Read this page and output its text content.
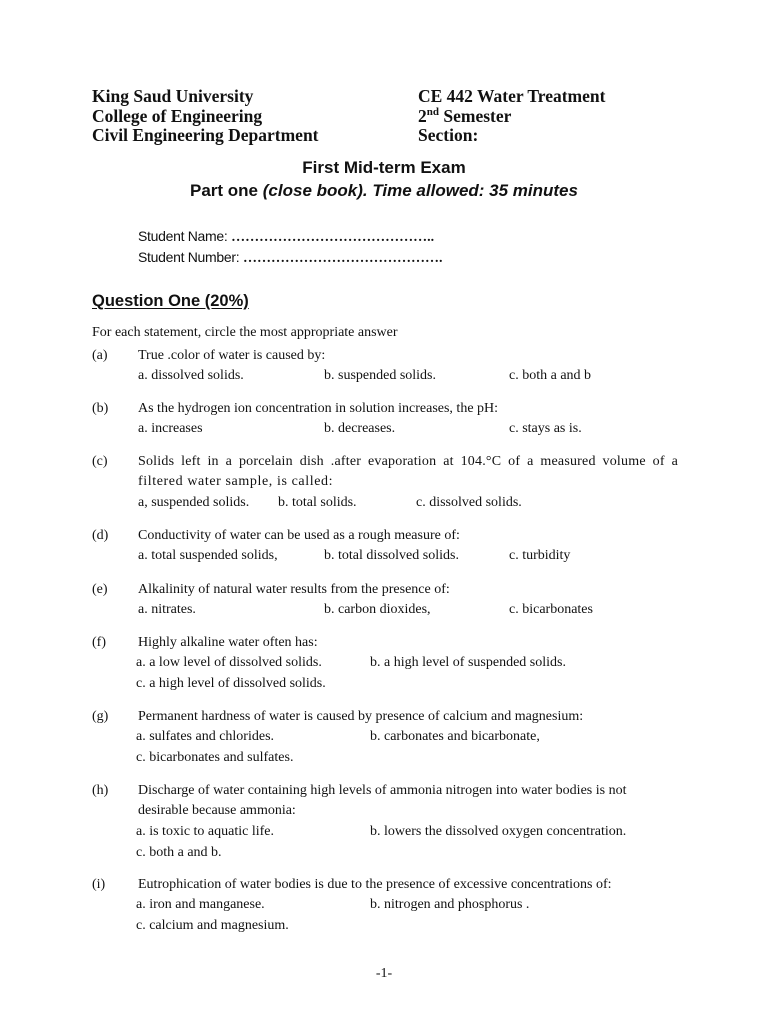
King Saud University
College of Engineering
Civil Engineering Department
CE 442 Water Treatment
2nd Semester
Section:
First Mid-term Exam
Part one (close book). Time allowed: 35 minutes
Student Name: ……………………………………..
Student Number: …………………………………….
Question One (20%)
For each statement, circle the most appropriate answer
(a) True .color of water is caused by:
a. dissolved solids.	b. suspended solids.	c. both a and b
(b) As the hydrogen ion concentration in solution increases, the pH:
a. increases	b. decreases.	c. stays as is.
(c) Solids left in a porcelain dish .after evaporation at 104.°C of a measured volume of a
filtered water sample, is called:
a, suspended solids. b. total solids.	c. dissolved solids.
(d) Conductivity of water can be used as a rough measure of:
a. total suspended solids,	b. total dissolved solids.	c. turbidity
(e) Alkalinity of natural water results from the presence of:
a. nitrates.	b. carbon dioxides,	c. bicarbonates
(f) Highly alkaline water often has:
a. a low level of dissolved solids.	b. a high level of suspended solids.
c. a high level of dissolved solids.
(g) Permanent hardness of water is caused by presence of calcium and magnesium:
a. sulfates and chlorides.	b. carbonates and bicarbonate,
c. bicarbonates and sulfates.
(h) Discharge of water containing high levels of ammonia nitrogen into water bodies is not
desirable because ammonia:
a. is toxic to aquatic life.	b. lowers the dissolved oxygen concentration.
c. both a and b.
(i) Eutrophication of water bodies is due to the presence of excessive concentrations of:
a. iron and manganese.	b. nitrogen and phosphorus .
c. calcium and magnesium.
-1-
